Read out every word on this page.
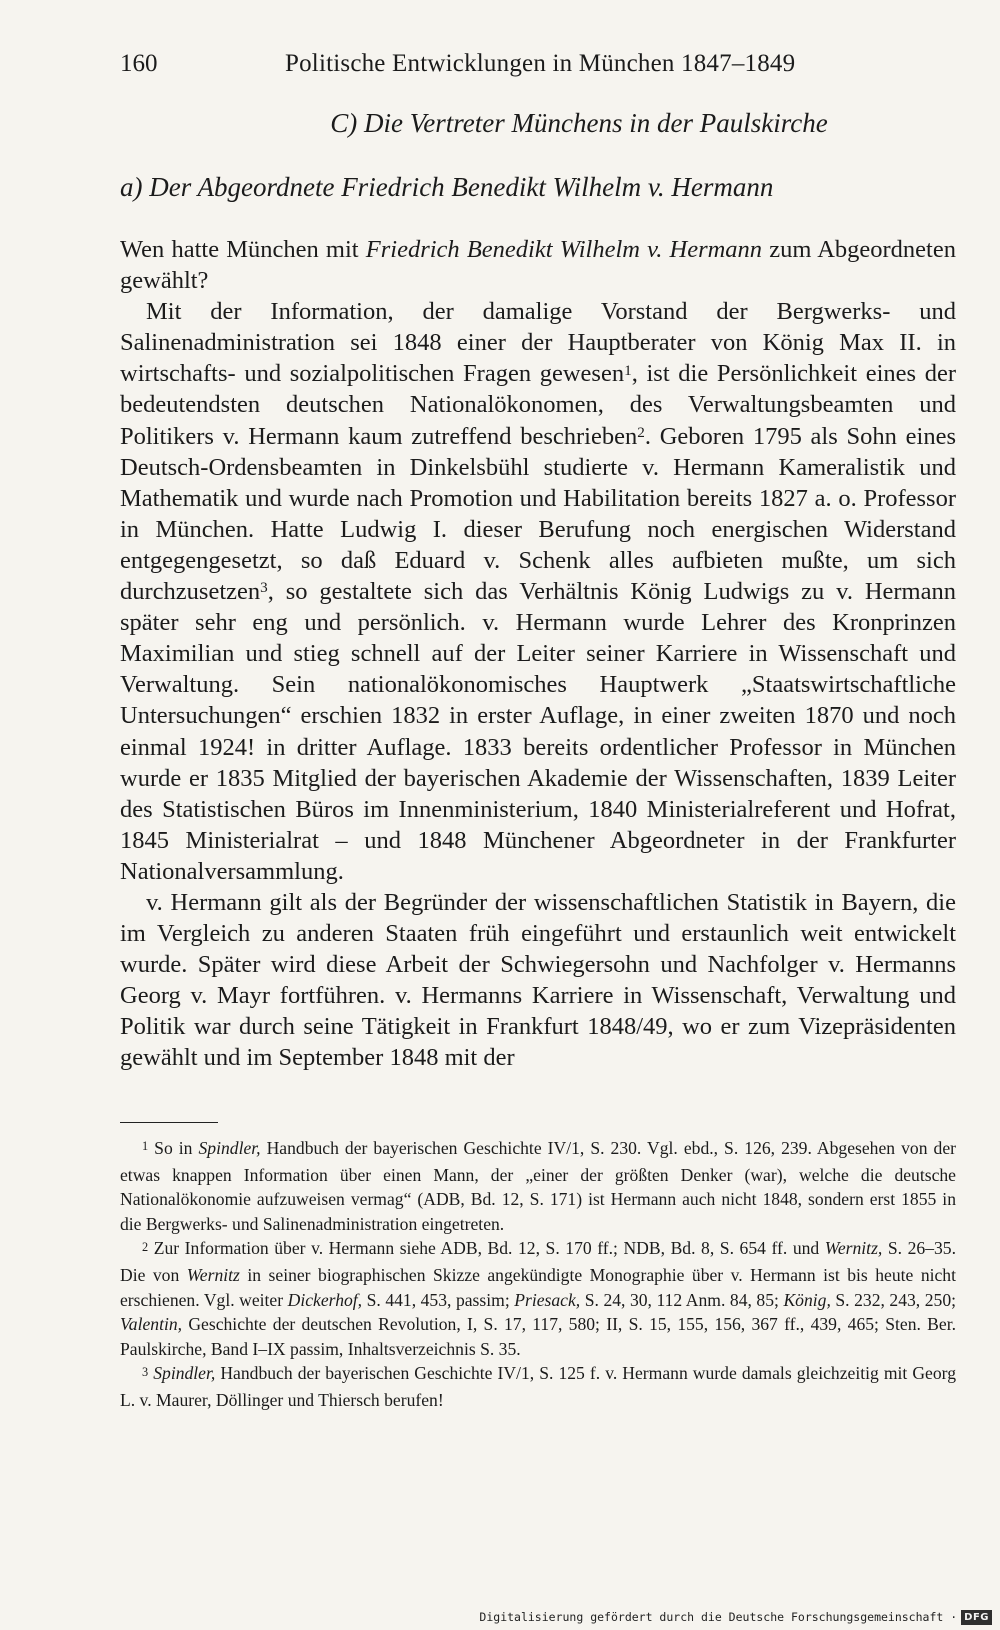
160	Politische Entwicklungen in München 1847–1849
C) Die Vertreter Münchens in der Paulskirche
a) Der Abgeordnete Friedrich Benedikt Wilhelm v. Hermann

Wen hatte München mit Friedrich Benedikt Wilhelm v. Hermann zum Abgeordneten gewählt?

Mit der Information, der damalige Vorstand der Bergwerks- und Salinenadministration sei 1848 einer der Hauptberater von König Max II. in wirtschafts- und sozialpolitischen Fragen gewesen$^1$, ist die Persönlichkeit eines der bedeutendsten deutschen Nationalökonomen, des Verwaltungsbeamten und Politikers v. Hermann kaum zutreffend beschrieben$^2$. Geboren 1795 als Sohn eines Deutsch-Ordensbeamten in Dinkelsbühl studierte v. Hermann Kameralistik und Mathematik und wurde nach Promotion und Habilitation bereits 1827 a. o. Professor in München. Hatte Ludwig I. dieser Berufung noch energischen Widerstand entgegengesetzt, so daß Eduard v. Schenk alles aufbieten mußte, um sich durchzusetzen$^3$, so gestaltete sich das Verhältnis König Ludwigs zu v. Hermann später sehr eng und persönlich. v. Hermann wurde Lehrer des Kronprinzen Maximilian und stieg schnell auf der Leiter seiner Karriere in Wissenschaft und Verwaltung. Sein nationalökonomisches Hauptwerk „Staatswirtschaftliche Untersuchungen“ erschien 1832 in erster Auflage, in einer zweiten 1870 und noch einmal 1924! in dritter Auflage. 1833 bereits ordentlicher Professor in München wurde er 1835 Mitglied der bayerischen Akademie der Wissenschaften, 1839 Leiter des Statistischen Büros im Innenministerium, 1840 Ministerialreferent und Hofrat, 1845 Ministerialrat – und 1848 Münchener Abgeordneter in der Frankfurter Nationalversammlung.

v. Hermann gilt als der Begründer der wissenschaftlichen Statistik in Bayern, die im Vergleich zu anderen Staaten früh eingeführt und erstaunlich weit entwickelt wurde. Später wird diese Arbeit der Schwiegersohn und Nachfolger v. Hermanns Georg v. Mayr fortführen. v. Hermanns Karriere in Wissenschaft, Verwaltung und Politik war durch seine Tätigkeit in Frankfurt 1848/49, wo er zum Vizepräsidenten gewählt und im September 1848 mit der

$^1$ So in Spindler, Handbuch der bayerischen Geschichte IV/1, S. 230. Vgl. ebd., S. 126, 239. Abgesehen von der etwas knappen Information über einen Mann, der „einer der größten Denker (war), welche die deutsche Nationalökonomie aufzuweisen vermag“ (ADB, Bd. 12, S. 171) ist Hermann auch nicht 1848, sondern erst 1855 in die Bergwerks- und Salinenadministration eingetreten.

$^2$ Zur Information über v. Hermann siehe ADB, Bd. 12, S. 170 ff.; NDB, Bd. 8, S. 654 ff. und Wernitz, S. 26–35. Die von Wernitz in seiner biographischen Skizze angekündigte Monographie über v. Hermann ist bis heute nicht erschienen. Vgl. weiter Dickerhof, S. 441, 453, passim; Priesack, S. 24, 30, 112 Anm. 84, 85; König, S. 232, 243, 250; Valentin, Geschichte der deutschen Revolution, I, S. 17, 117, 580; II, S. 15, 155, 156, 367 ff., 439, 465; Sten. Ber. Paulskirche, Band I–IX passim, Inhaltsverzeichnis S. 35.

$^3$ Spindler, Handbuch der bayerischen Geschichte IV/1, S. 125 f. v. Hermann wurde damals gleichzeitig mit Georg L. v. Maurer, Döllinger und Thiersch berufen!

Digitalisierung gefördert durch die Deutsche Forschungsgemeinschaft · DFG
